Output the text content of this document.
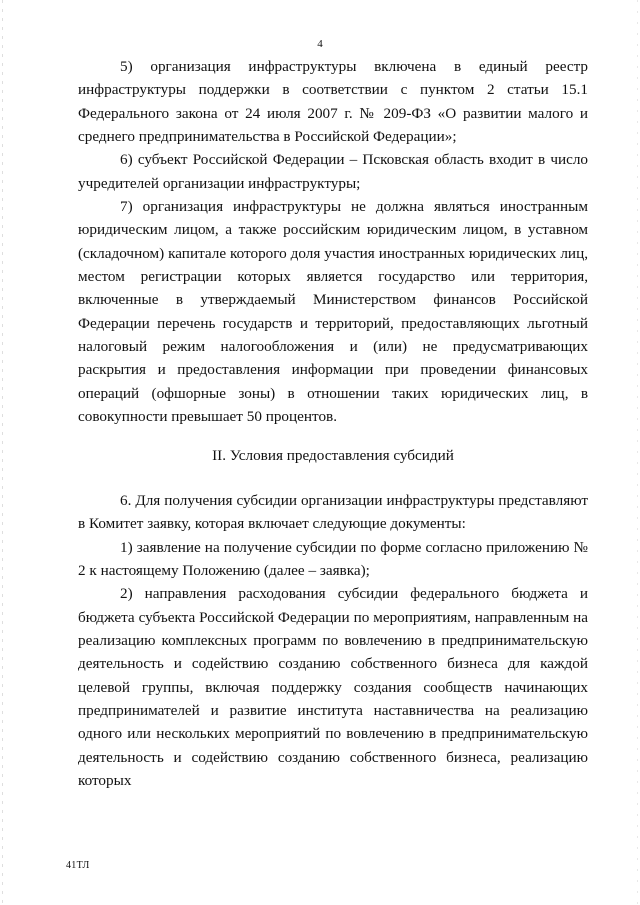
4

5) организация инфраструктуры включена в единый реестр инфраструктуры поддержки в соответствии с пунктом 2 статьи 15.1 Федерального закона от 24 июля 2007 г. № 209-ФЗ «О развитии малого и среднего предпринимательства в Российской Федерации»;

6) субъект Российской Федерации – Псковская область входит в число учредителей организации инфраструктуры;

7) организация инфраструктуры не должна являться иностранным юридическим лицом, а также российским юридическим лицом, в уставном (складочном) капитале которого доля участия иностранных юридических лиц, местом регистрации которых является государство или территория, включенные в утверждаемый Министерством финансов Российской Федерации перечень государств и территорий, предоставляющих льготный налоговый режим налогообложения и (или) не предусматривающих раскрытия и предоставления информации при проведении финансовых операций (офшорные зоны) в отношении таких юридических лиц, в совокупности превышает 50 процентов.

II. Условия предоставления субсидий

6. Для получения субсидии организации инфраструктуры представляют в Комитет заявку, которая включает следующие документы:

1) заявление на получение субсидии по форме согласно приложению № 2 к настоящему Положению (далее – заявка);

2) направления расходования субсидии федерального бюджета и бюджета субъекта Российской Федерации по мероприятиям, направленным на реализацию комплексных программ по вовлечению в предпринимательскую деятельность и содействию созданию собственного бизнеса для каждой целевой группы, включая поддержку создания сообществ начинающих предпринимателей и развитие института наставничества на реализацию одного или нескольких мероприятий по вовлечению в предпринимательскую деятельность и содействию созданию собственного бизнеса, реализацию которых

41ТЛ
